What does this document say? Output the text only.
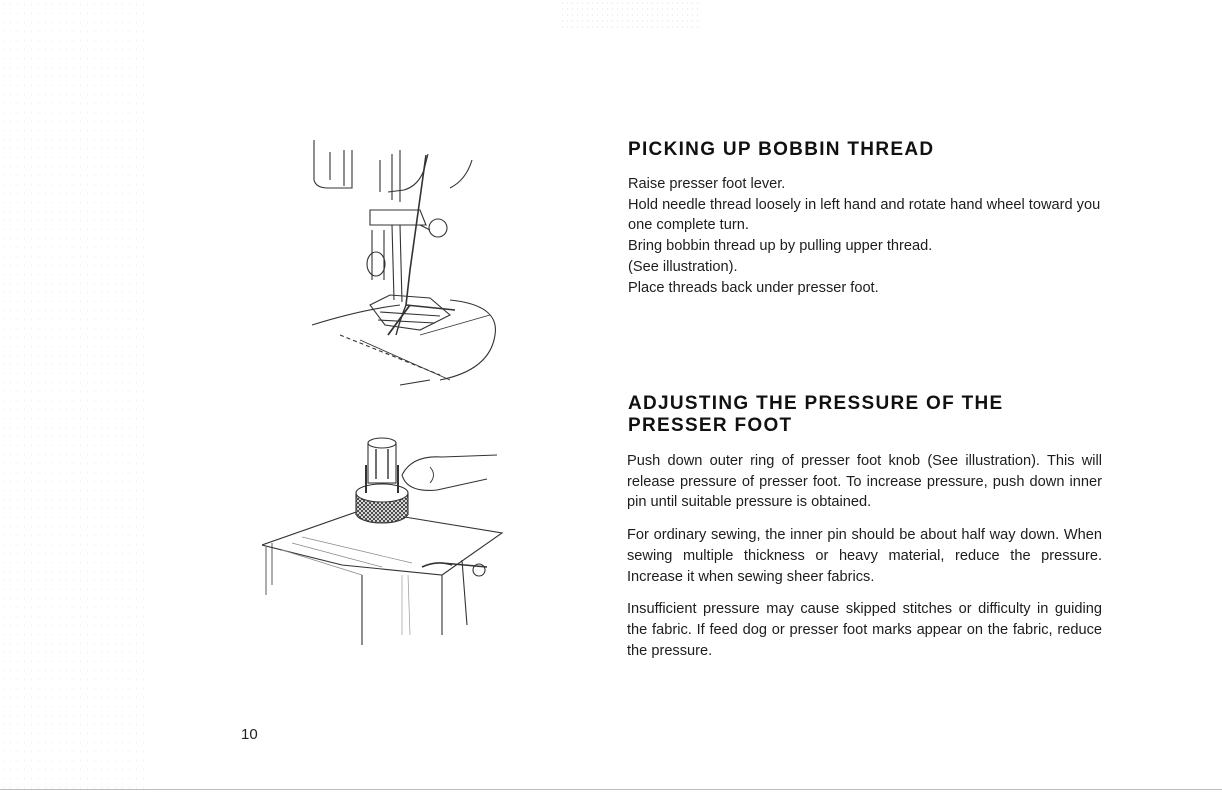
PICKING UP BOBBIN THREAD

Raise presser foot lever.

Hold needle thread loosely in left hand and rotate hand wheel toward you one complete turn.

Bring bobbin thread up by pulling upper thread.

(See illustration).

Place threads back under presser foot.

ADJUSTING THE PRESSURE OF THE PRESSER FOOT

Push down outer ring of presser foot knob (See illustration). This will release pressure of presser foot. To increase pressure, push down inner pin until suitable pressure is obtained.

For ordinary sewing, the inner pin should be about half way down. When sewing multiple thickness or heavy material, reduce the pressure. Increase it when sewing sheer fabrics.

Insufficient pressure may cause skipped stitches or difficulty in guiding the fabric. If feed dog or presser foot marks appear on the fabric, reduce the pressure.

10
